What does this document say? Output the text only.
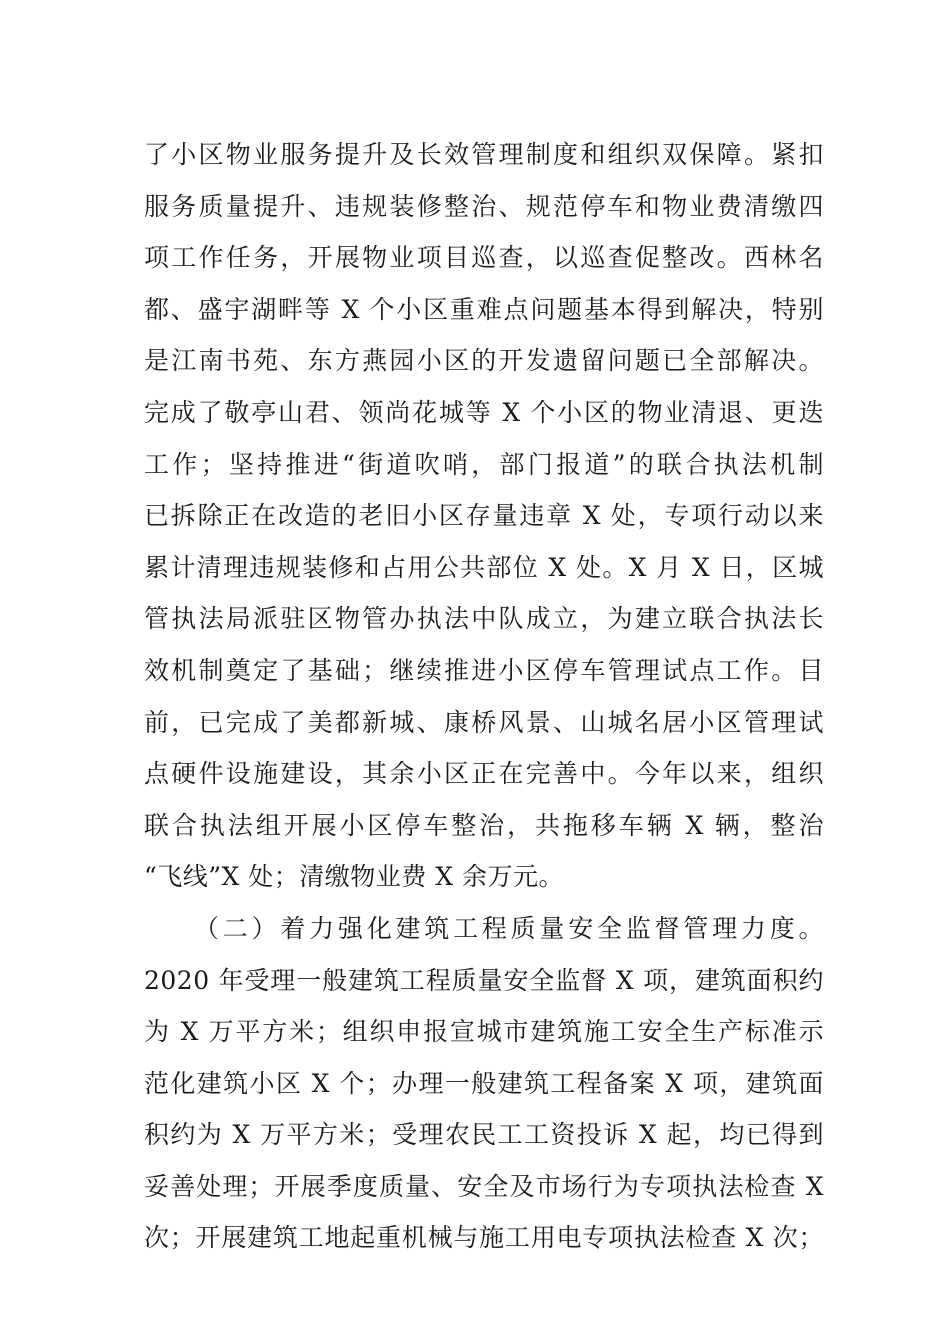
了小区物业服务提升及长效管理制度和组织双保障。紧扣
服务质量提升、违规装修整治、规范停车和物业费清缴四
项工作任务，开展物业项目巡查，以巡查促整改。西林名
都、盛宇湖畔等 X 个小区重难点问题基本得到解决，特别
是江南书苑、东方燕园小区的开发遗留问题已全部解决。
完成了敬亭山君、领尚花城等 X 个小区的物业清退、更迭
工作；坚持推进“街道吹哨，部门报道”的联合执法机制
已拆除正在改造的老旧小区存量违章 X 处，专项行动以来
累计清理违规装修和占用公共部位 X 处。X 月 X 日，区城
管执法局派驻区物管办执法中队成立，为建立联合执法长
效机制奠定了基础；继续推进小区停车管理试点工作。目
前，已完成了美都新城、康桥风景、山城名居小区管理试
点硬件设施建设，其余小区正在完善中。今年以来，组织
联合执法组开展小区停车整治，共拖移车辆 X 辆，整治
“飞线”X 处；清缴物业费 X 余万元。
（二）着力强化建筑工程质量安全监督管理力度。
2020 年受理一般建筑工程质量安全监督 X 项，建筑面积约
为 X 万平方米；组织申报宣城市建筑施工安全生产标准示
范化建筑小区 X 个；办理一般建筑工程备案 X 项，建筑面
积约为 X 万平方米；受理农民工工资投诉 X 起，均已得到
妥善处理；开展季度质量、安全及市场行为专项执法检查 X
次；开展建筑工地起重机械与施工用电专项执法检查 X 次；
